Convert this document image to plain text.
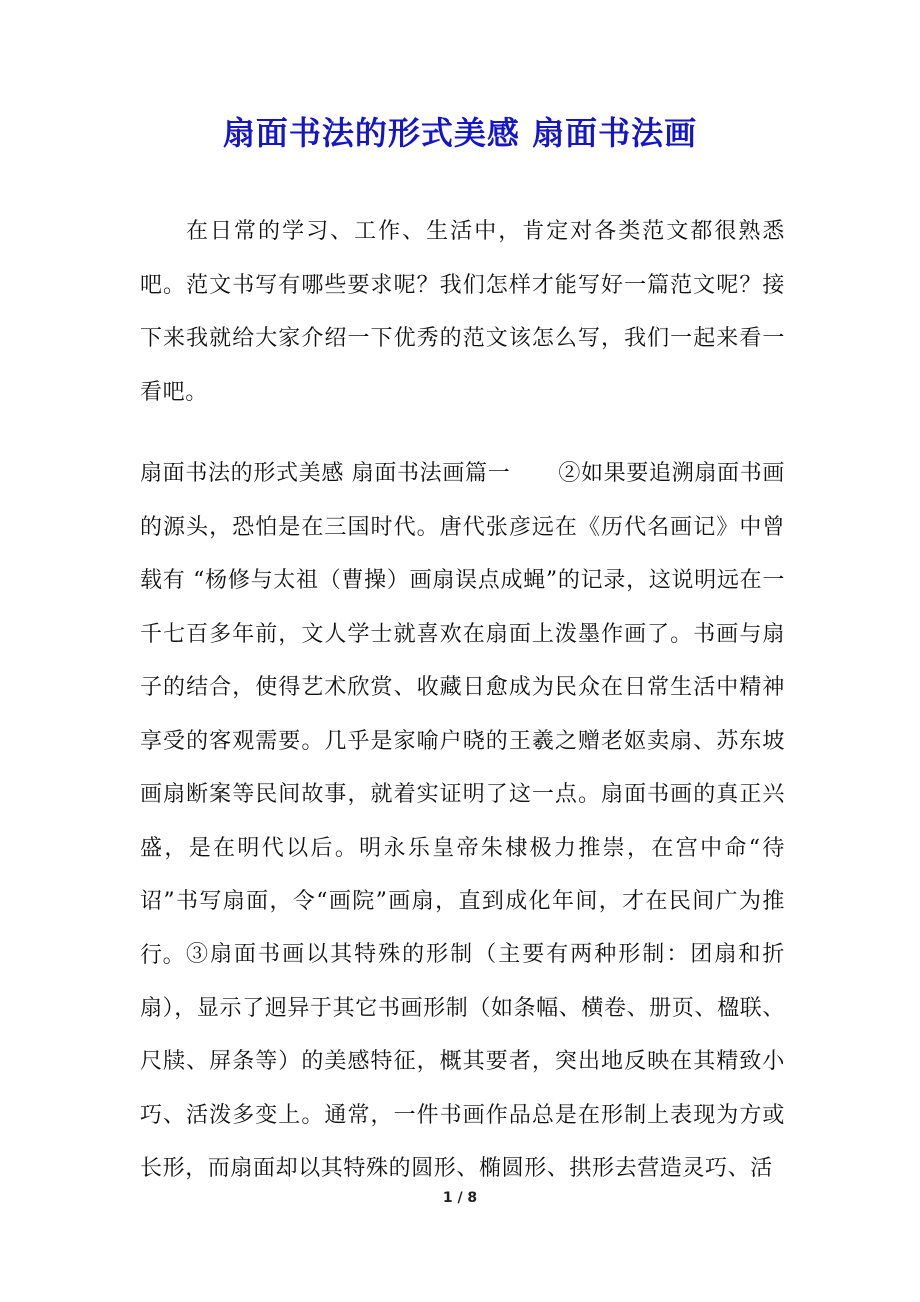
扇面书法的形式美感 扇面书法画

在日常的学习、工作、生活中，肯定对各类范文都很熟悉吧。范文书写有哪些要求呢？我们怎样才能写好一篇范文呢？接下来我就给大家介绍一下优秀的范文该怎么写，我们一起来看一看吧。

扇面书法的形式美感 扇面书法画篇一 ②如果要追溯扇面书画的源头，恐怕是在三国时代。唐代张彦远在《历代名画记》中曾载有 “杨修与太祖（曹操）画扇误点成蝇”的记录，这说明远在一千七百多年前，文人学士就喜欢在扇面上泼墨作画了。书画与扇子的结合，使得艺术欣赏、收藏日愈成为民众在日常生活中精神享受的客观需要。几乎是家喻户晓的王羲之赠老妪卖扇、苏东坡画扇断案等民间故事，就着实证明了这一点。扇面书画的真正兴盛，是在明代以后。明永乐皇帝朱棣极力推崇，在宫中命“待诏”书写扇面，令“画院”画扇，直到成化年间，才在民间广为推行。 ③扇面书画以其特殊的形制（主要有两种形制：团扇和折扇），显示了迥异于其它书画形制（如条幅、横卷、册页、楹联、尺牍、屏条等）的美感特征，概其要者，突出地反映在其精致小巧、活泼多变上。通常，一件书画作品总是在形制上表现为方或长形，而扇面却以其特殊的圆形、椭圆形、拱形去营造灵巧、活

1 / 8
